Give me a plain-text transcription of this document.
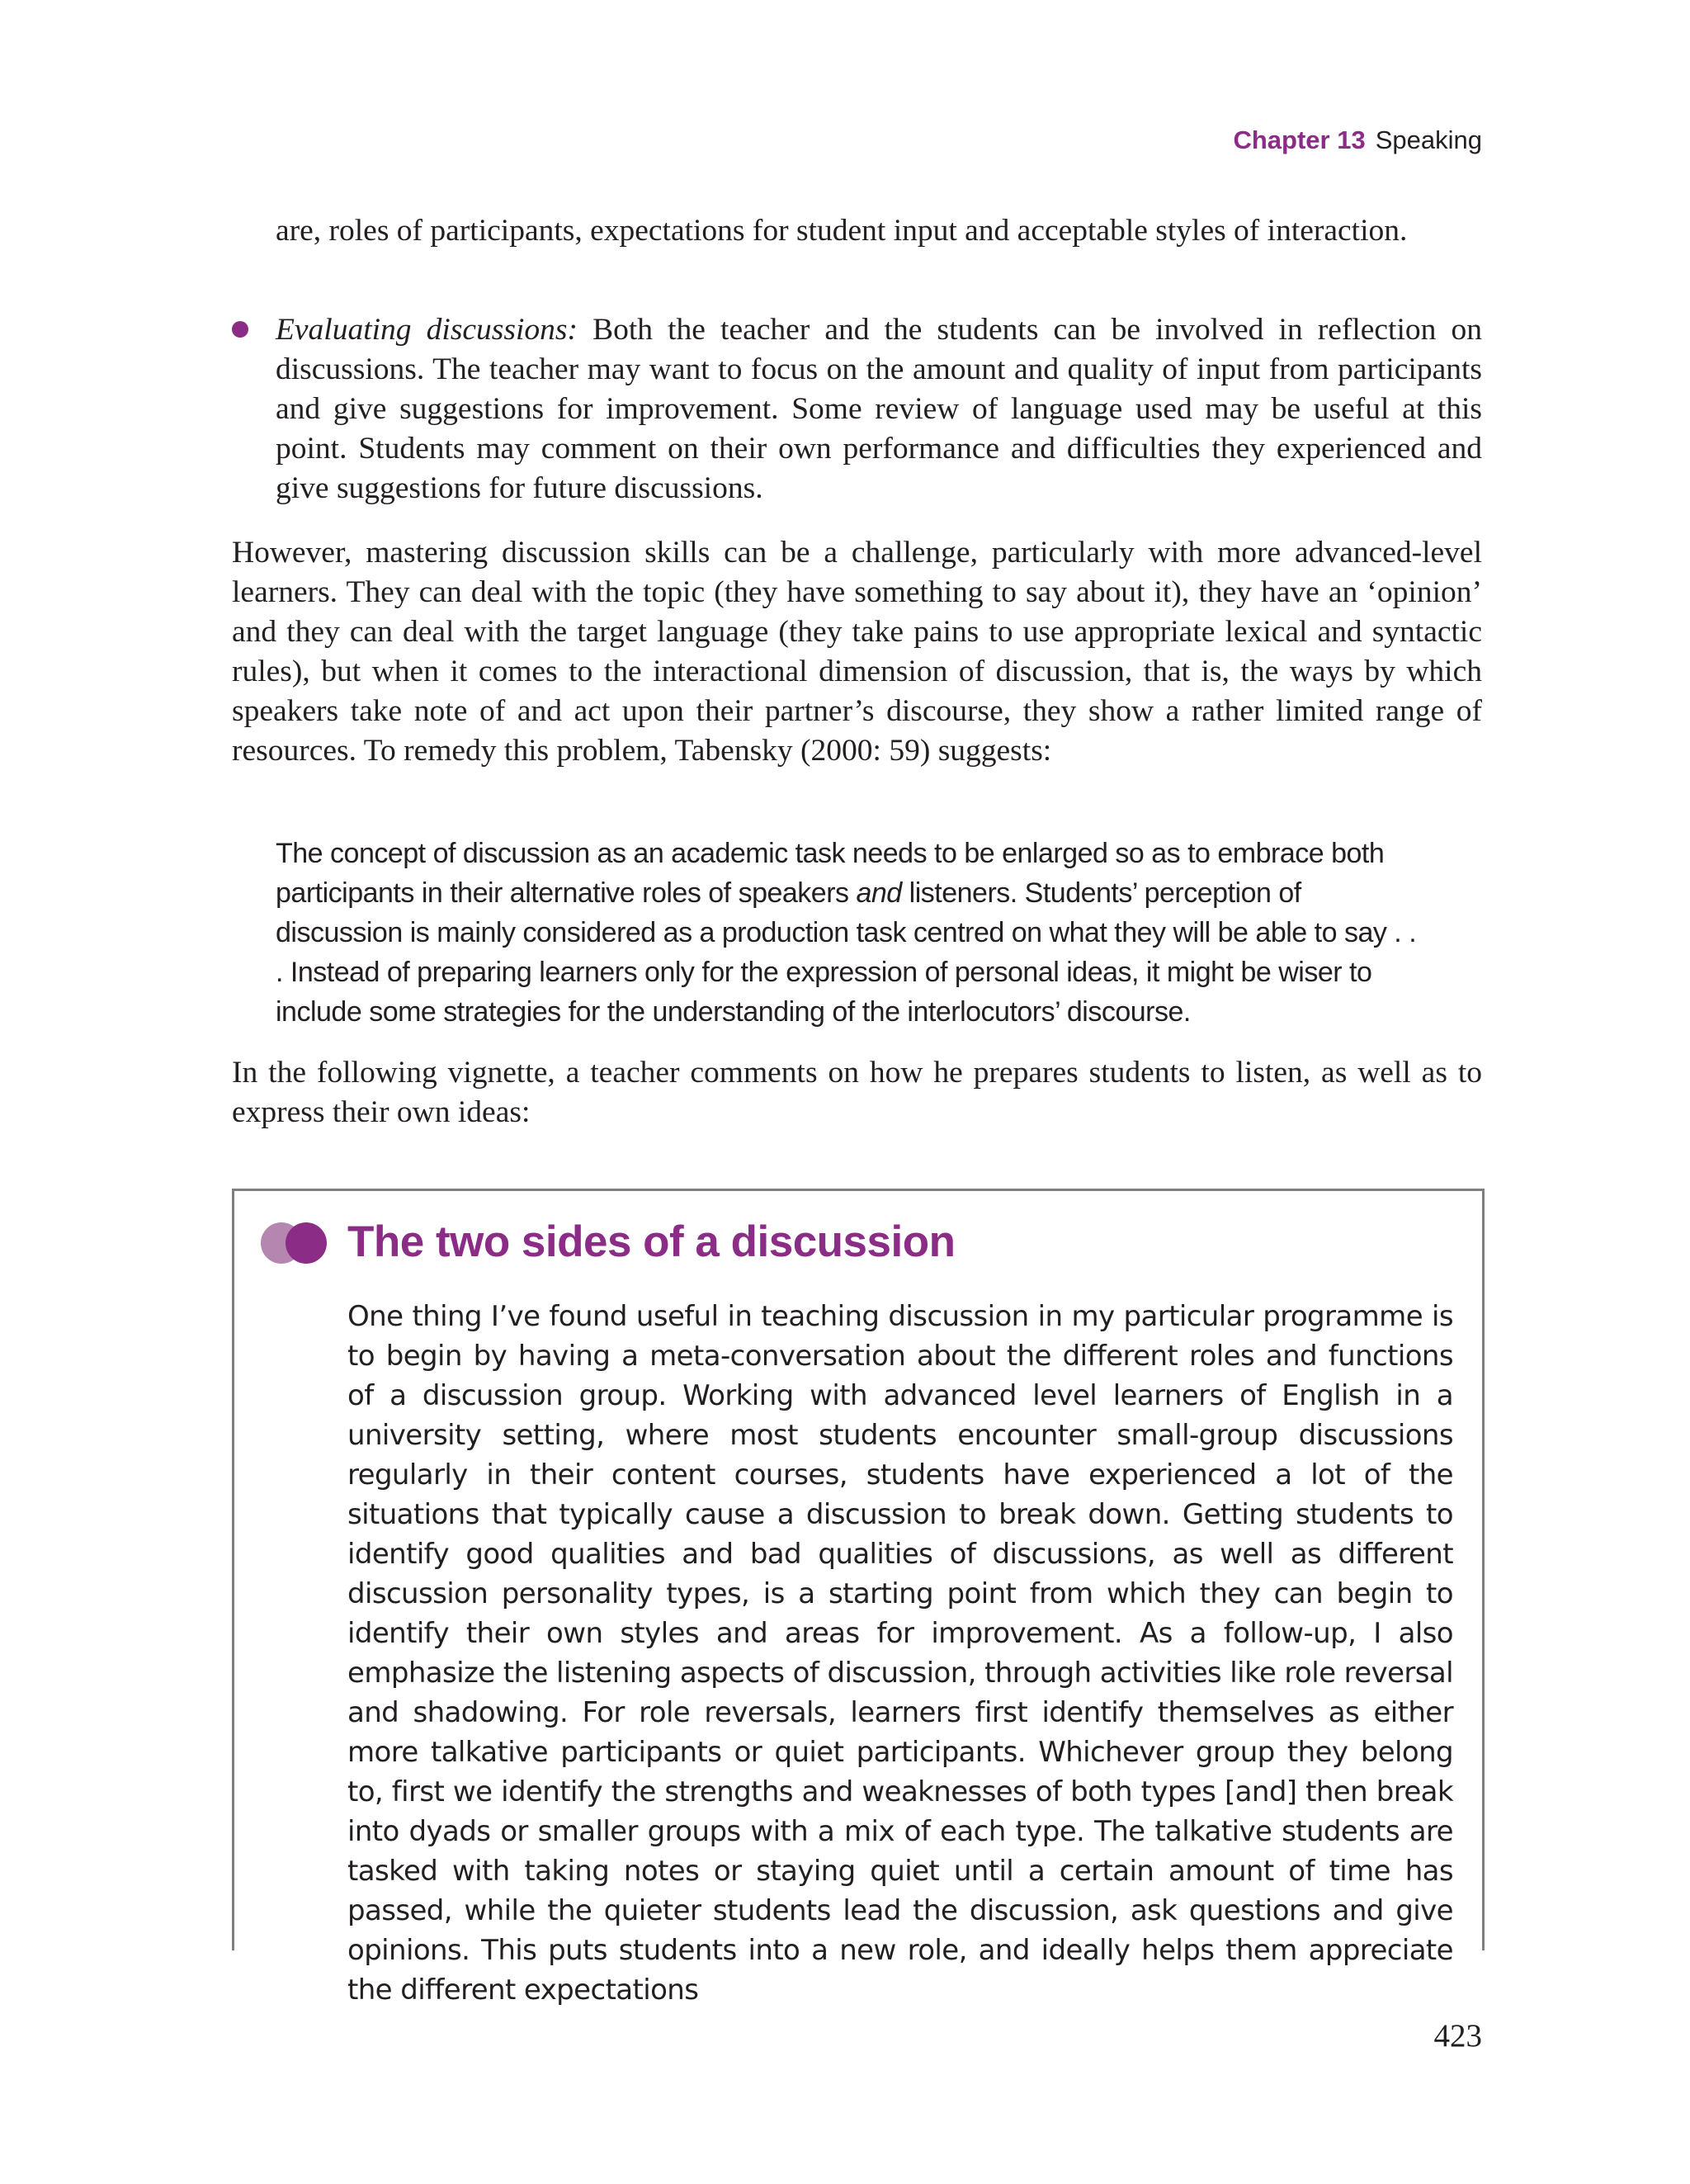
Chapter 13 Speaking

are, roles of participants, expectations for student input and acceptable styles of interaction.

Evaluating discussions: Both the teacher and the students can be involved in reflection on discussions. The teacher may want to focus on the amount and quality of input from participants and give suggestions for improvement. Some review of language used may be useful at this point. Students may comment on their own performance and difficulties they experienced and give suggestions for future discussions.

However, mastering discussion skills can be a challenge, particularly with more advanced-level learners. They can deal with the topic (they have something to say about it), they have an ‘opinion’ and they can deal with the target language (they take pains to use appropriate lexical and syntactic rules), but when it comes to the interactional dimension of discussion, that is, the ways by which speakers take note of and act upon their partner’s discourse, they show a rather limited range of resources. To remedy this problem, Tabensky (2000: 59) suggests:

The concept of discussion as an academic task needs to be enlarged so as to embrace both participants in their alternative roles of speakers and listeners. Students’ perception of discussion is mainly considered as a production task centred on what they will be able to say . . . Instead of preparing learners only for the expression of personal ideas, it might be wiser to include some strategies for the understanding of the interlocutors’ discourse.

In the following vignette, a teacher comments on how he prepares students to listen, as well as to express their own ideas:

The two sides of a discussion

One thing I’ve found useful in teaching discussion in my particular programme is to begin by having a meta-conversation about the different roles and functions of a discussion group. Working with advanced level learners of English in a university setting, where most students encounter small-group discussions regularly in their content courses, students have experienced a lot of the situations that typically cause a discussion to break down. Getting students to identify good qualities and bad qualities of discussions, as well as different discussion personality types, is a starting point from which they can begin to identify their own styles and areas for improvement. As a follow-up, I also emphasize the listening aspects of discussion, through activities like role reversal and shadowing. For role reversals, learners first identify themselves as either more talkative participants or quiet participants. Whichever group they belong to, first we identify the strengths and weaknesses of both types [and] then break into dyads or smaller groups with a mix of each type. The talkative students are tasked with taking notes or staying quiet until a certain amount of time has passed, while the quieter students lead the discussion, ask questions and give opinions. This puts students into a new role, and ideally helps them appreciate the different expectations

423
